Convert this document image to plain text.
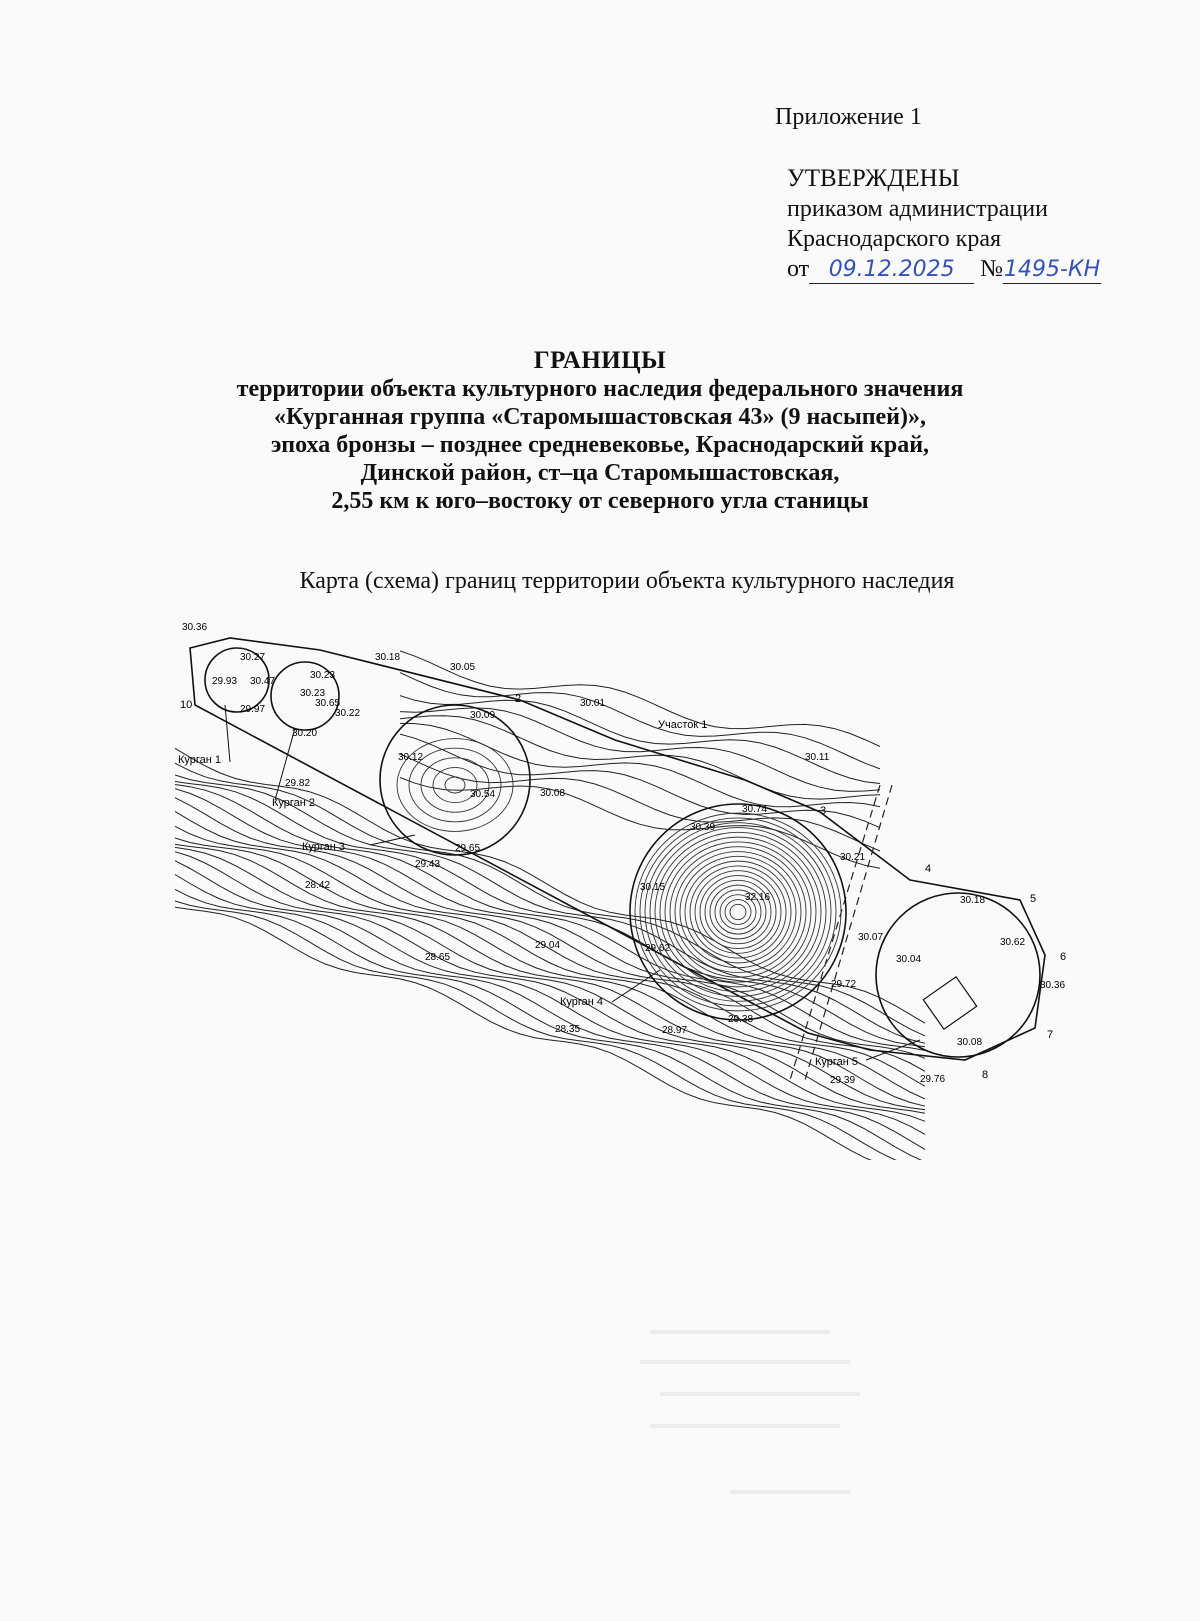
Приложение 1
УТВЕРЖДЕНЫ
приказом администрации
Краснодарского края
от 09.12.2025 №1495-КН
ГРАНИЦЫ
территории объекта культурного наследия федерального значения
«Курганная группа «Старомышастовская 43» (9 насыпей)»,
эпоха бронзы – позднее средневековье, Краснодарский край,
Динской район, ст–ца Старомышастовская,
2,55 км к юго–востоку от северного угла станицы
Карта (схема) границ территории объекта культурного наследия
Курган 1
Курган 2
Курган 3
Курган 4
Курган 5
Участок 1
2
3
4
5
6
7
8
10
30.36
30.27
30.23
30.18
30.05
29.93 30.47
30.23
30.65
29.97	30.22
30.20
30.09
30.01
30.11
30.12
29.82
30.54	30.08
30.74
30.39
30.21
29.65
29.43
28.42	30.15
32.16	30.18
30.62
30.07
30.04
29.62
29.04
28.65
29.72	30.36
28.35	28.97
29.38
30.08
29.39	29.76
